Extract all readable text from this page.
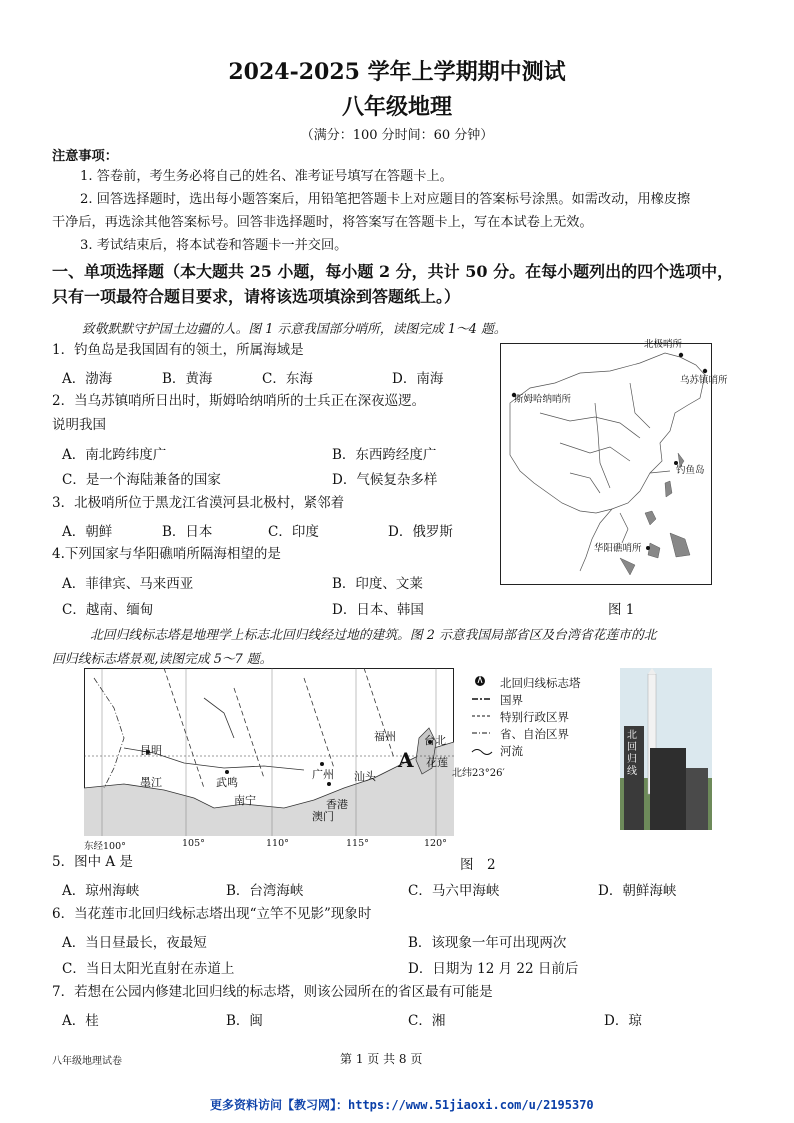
2024-2025 学年上学期期中测试
八年级地理
（满分：100 分时间：60 分钟）
注意事项：
1. 答卷前，考生务必将自己的姓名、准考证号填写在答题卡上。
2. 回答选择题时，选出每小题答案后，用铅笔把答题卡上对应题目的答案标号涂黑。如需改动，用橡皮擦
干净后，再选涂其他答案标号。回答非选择题时，将答案写在答题卡上，写在本试卷上无效。
3. 考试结束后，将本试卷和答题卡一并交回。
一、单项选择题（本大题共 25 小题，每小题 2 分，共计 50 分。在每小题列出的四个选项中，
只有一项最符合题目要求，请将该选项填涂到答题纸上。）
致敬默默守护国土边疆的人。图 1 示意我国部分哨所，读图完成 1～4 题。
1．钓鱼岛是我国固有的领土，所属海域是
A．渤海	B．黄海	C．东海	D．南海
2．当乌苏镇哨所日出时，斯姆哈纳哨所的士兵正在深夜巡逻。
说明我国
A．南北跨纬度广	B．东西跨经度广
C．是一个海陆兼备的国家	D．气候复杂多样
3．北极哨所位于黑龙江省漠河县北极村，紧邻着
A．朝鲜	B．日本	C．印度	D．俄罗斯
4.下列国家与华阳礁哨所隔海相望的是
A．菲律宾、马来西亚	B．印度、文莱
C．越南、缅甸	D．日本、韩国
北极哨所
乌苏镇哨所
斯姆哈纳哨所
钓鱼岛
华阳礁哨所
图 1
北回归线标志塔是地理学上标志北回归线经过地的建筑。图 2 示意我国局部省区及台湾省花莲市的北
回归线标志塔景观,读图完成 5～7 题。
昆明
墨江	武鸣
南宁
广州 汕头
香港
澳门
福州	台北
花莲
A
北纬23°26′
东经100°	105°	110°	115°	120°
北回归线标志塔
国界
特别行政区界
省、自治区界
河流
北回归线
图　2
5．图中 A 是
A．琼州海峡	B．台湾海峡	C．马六甲海峡	D．朝鲜海峡
6．当花莲市北回归线标志塔出现“立竿不见影”现象时
A．当日昼最长，夜最短	B．该现象一年可出现两次
C．当日太阳光直射在赤道上	D．日期为 12 月 22 日前后
7．若想在公园内修建北回归线的标志塔，则该公园所在的省区最有可能是
A．桂	B．闽	C．湘	D．琼
八年级地理试卷	第 1 页 共 8 页
更多资料访问【教习网】：https://www.51jiaoxi.com/u/2195370
